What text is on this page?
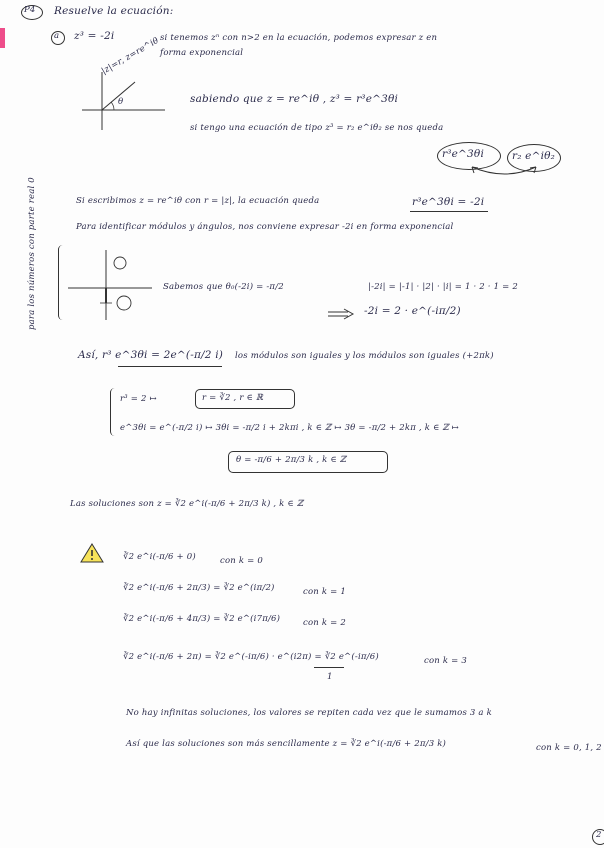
P4 Resuelve la ecuación:
a z³ = -2i	si tenemos zⁿ con n>2 en la ecuación, podemos expresar z en
forma exponencial
|z|=r, z=re^iθ
θ	sabiendo que z = re^iθ , z³ = r³e^3θi
si tengo una ecuación de tipo z³ = r₂ e^iθ₂ se nos queda
r³e^3θi	r₂ e^iθ₂
Si escribimos z = re^iθ con r = |z|, la ecuación queda	r³e^3θi = -2i
Para identificar módulos y ángulos, nos conviene expresar -2i en forma exponencial
para los números con parte real 0	Sabemos que θ₀(-2i) = -π/2	|-2i| = |-1| · |2| · |i| = 1 · 2 · 1 = 2
-2i = 2 · e^(-iπ/2)
Así, r³ e^3θi = 2e^(-π/2 i) los módulos son iguales y los módulos son iguales (+2πk)
r³ = 2 ↦	r = ∛2 , r ∈ ℝ
e^3θi = e^(-π/2 i) ↦ 3θi = -π/2 i + 2kπi , k ∈ ℤ ↦ 3θ = -π/2 + 2kπ , k ∈ ℤ ↦
θ = -π/6 + 2π/3 k , k ∈ ℤ
Las soluciones son z = ∛2 e^i(-π/6 + 2π/3 k) , k ∈ ℤ
∛2 e^i(-π/6 + 0)	con k = 0
∛2 e^i(-π/6 + 2π/3) = ∛2 e^(iπ/2)	con k = 1
∛2 e^i(-π/6 + 4π/3) = ∛2 e^(i7π/6)	con k = 2
∛2 e^i(-π/6 + 2π) = ∛2 e^(-iπ/6) · e^(i2π) = ∛2 e^(-iπ/6)	con k = 3
1
No hay infinitas soluciones, los valores se repiten cada vez que le sumamos 3 a k
Así que las soluciones son más sencillamente z = ∛2 e^i(-π/6 + 2π/3 k)	con k = 0, 1, 2
2
